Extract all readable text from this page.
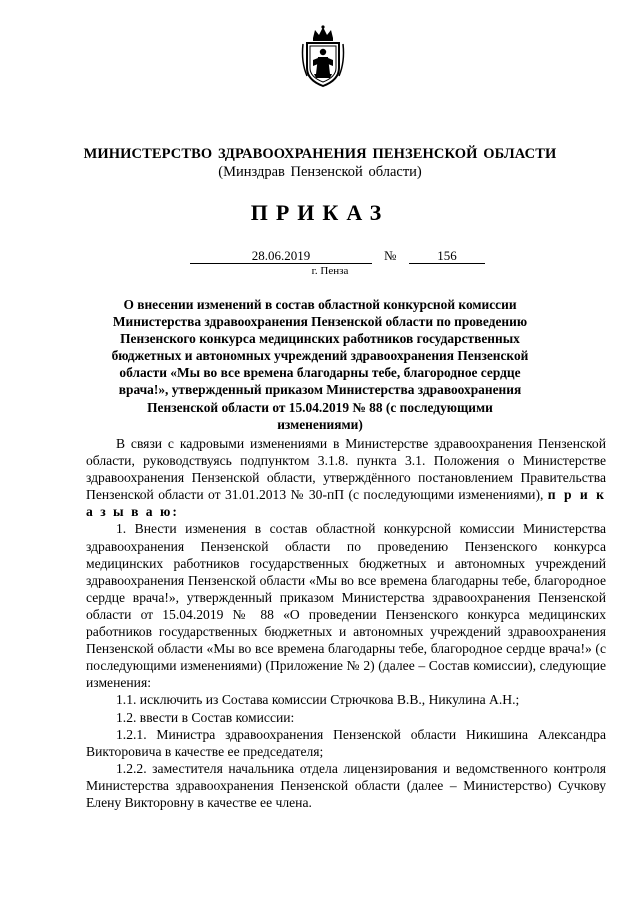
МИНИСТЕРСТВО ЗДРАВООХРАНЕНИЯ ПЕНЗЕНСКОЙ ОБЛАСТИ
(Минздрав Пензенской области)
ПРИКАЗ
28.06.2019	№	156
г. Пенза
О внесении изменений в состав областной конкурсной комиссии Министерства здравоохранения Пензенской области по проведению Пензенского конкурса медицинских работников государственных бюджетных и автономных учреждений здравоохранения Пензенской области «Мы во все времена благодарны тебе, благородное сердце врача!», утвержденный приказом Министерства здравоохранения Пензенской области от 15.04.2019 № 88 (с последующими изменениями)

В связи с кадровыми изменениями в Министерстве здравоохранения Пензенской области, руководствуясь подпунктом 3.1.8. пункта 3.1. Положения о Министерстве здравоохранения Пензенской области, утверждённого постановлением Правительства Пензенской области от 31.01.2013 № 30-пП (с последующими изменениями), п р и к а з ы в а ю:

1. Внести изменения в состав областной конкурсной комиссии Министерства здравоохранения Пензенской области по проведению Пензенского конкурса медицинских работников государственных бюджетных и автономных учреждений здравоохранения Пензенской области «Мы во все времена благодарны тебе, благородное сердце врача!», утвержденный приказом Министерства здравоохранения Пензенской области от 15.04.2019 № 88 «О проведении Пензенского конкурса медицинских работников государственных бюджетных и автономных учреждений здравоохранения Пензенской области «Мы во все времена благодарны тебе, благородное сердце врача!» (с последующими изменениями) (Приложение № 2) (далее – Состав комиссии), следующие изменения:

1.1. исключить из Состава комиссии Стрючкова В.В., Никулина А.Н.;

1.2. ввести в Состав комиссии:

1.2.1. Министра здравоохранения Пензенской области Никишина Александра Викторовича в качестве ее председателя;

1.2.2. заместителя начальника отдела лицензирования и ведомственного контроля Министерства здравоохранения Пензенской области (далее – Министерство) Сучкову Елену Викторовну в качестве ее члена.
